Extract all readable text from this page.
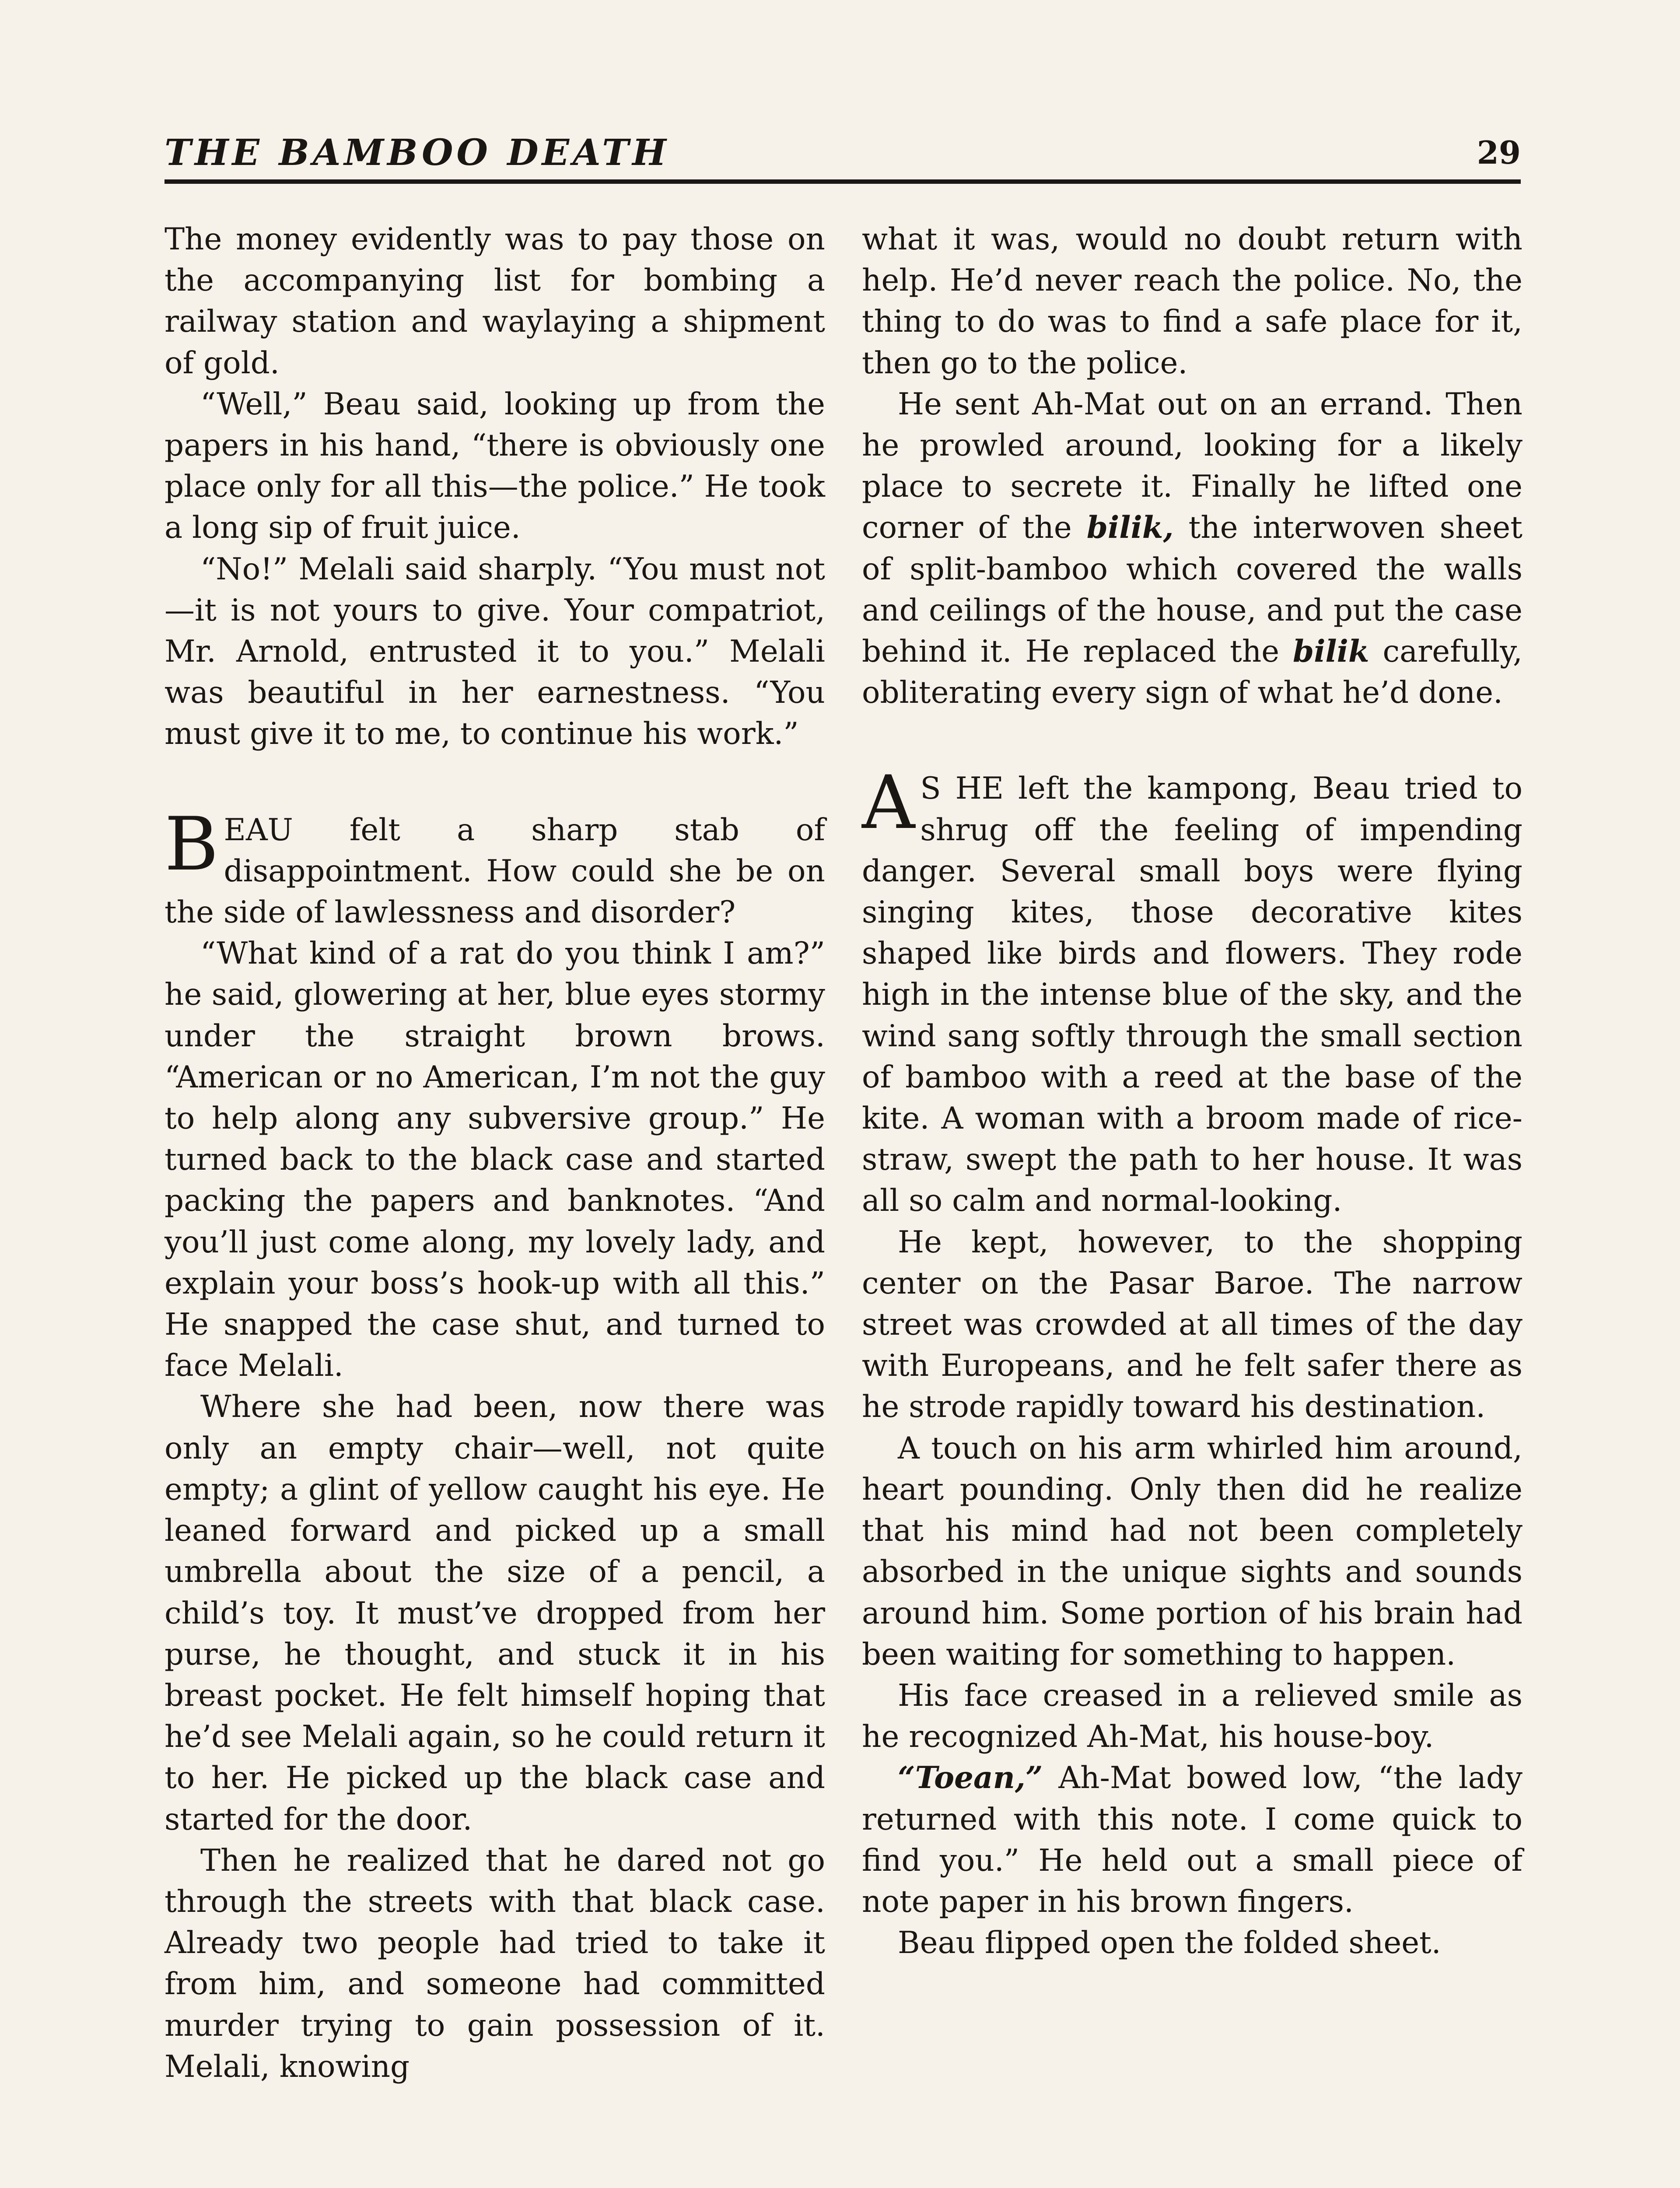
THE BAMBOO DEATH	29

The money evidently was to pay those on the accompanying list for bombing a railway station and waylaying a shipment of gold.

“Well,” Beau said, looking up from the papers in his hand, “there is obviously one place only for all this—the police.” He took a long sip of fruit juice.

“No!” Melali said sharply. “You must not—it is not yours to give. Your compatriot, Mr. Arnold, entrusted it to you.” Melali was beautiful in her earnestness. “You must give it to me, to continue his work.”

BEAU felt a sharp stab of disappointment. How could she be on the side of lawlessness and disorder?

“What kind of a rat do you think I am?” he said, glowering at her, blue eyes stormy under the straight brown brows. “American or no American, I’m not the guy to help along any subversive group.” He turned back to the black case and started packing the papers and banknotes. “And you’ll just come along, my lovely lady, and explain your boss’s hook-up with all this.” He snapped the case shut, and turned to face Melali.

Where she had been, now there was only an empty chair—well, not quite empty; a glint of yellow caught his eye. He leaned forward and picked up a small umbrella about the size of a pencil, a child’s toy. It must’ve dropped from her purse, he thought, and stuck it in his breast pocket. He felt himself hoping that he’d see Melali again, so he could return it to her. He picked up the black case and started for the door.

Then he realized that he dared not go through the streets with that black case. Already two people had tried to take it from him, and someone had committed murder trying to gain possession of it. Melali, knowing

what it was, would no doubt return with help. He’d never reach the police. No, the thing to do was to find a safe place for it, then go to the police.

He sent Ah-Mat out on an errand. Then he prowled around, looking for a likely place to secrete it. Finally he lifted one corner of the bilik, the interwoven sheet of split-bamboo which covered the walls and ceilings of the house, and put the case behind it. He replaced the bilik carefully, obliterating every sign of what he’d done.

A S HE left the kampong, Beau tried to shrug off the feeling of impending danger. Several small boys were flying singing kites, those decorative kites shaped like birds and flowers. They rode high in the intense blue of the sky, and the wind sang softly through the small section of bamboo with a reed at the base of the kite. A woman with a broom made of rice-straw, swept the path to her house. It was all so calm and normal-looking.

He kept, however, to the shopping center on the Pasar Baroe. The narrow street was crowded at all times of the day with Europeans, and he felt safer there as he strode rapidly toward his destination.

A touch on his arm whirled him around, heart pounding. Only then did he realize that his mind had not been completely absorbed in the unique sights and sounds around him. Some portion of his brain had been waiting for something to happen.

His face creased in a relieved smile as he recognized Ah-Mat, his house-boy.

“Toean,” Ah-Mat bowed low, “the lady returned with this note. I come quick to find you.” He held out a small piece of note paper in his brown fingers.

Beau flipped open the folded sheet.
